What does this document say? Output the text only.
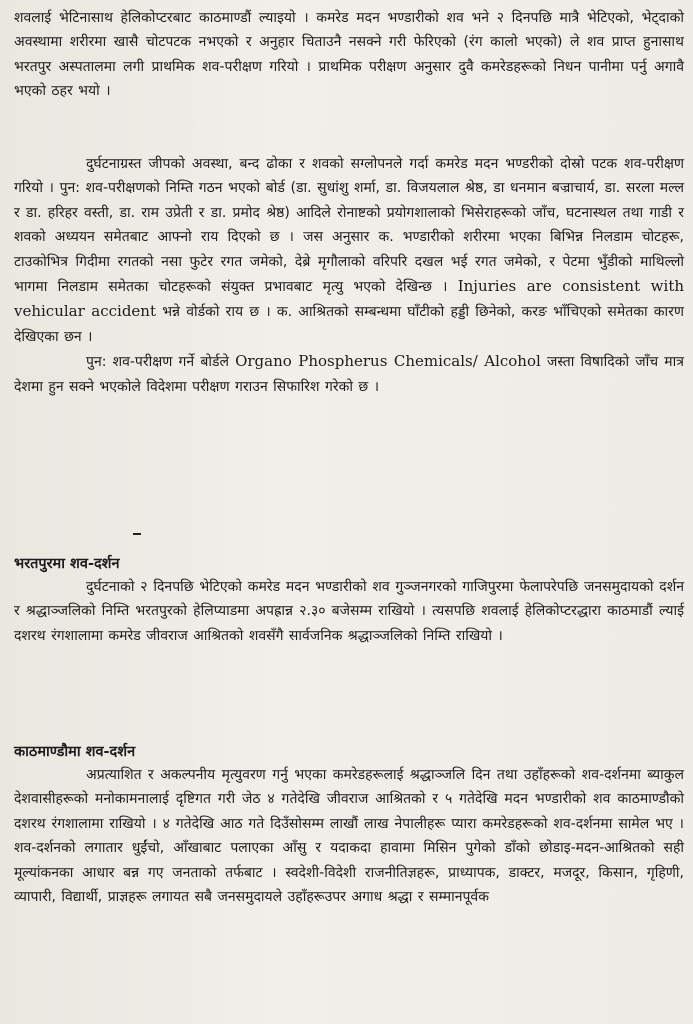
शवलाई भेटिनासाथ हेलिकोप्टरबाट काठमाण्डौं ल्याइयो । कमरेड मदन भण्डारीको शव भने २ दिनपछि मात्रै भेटिएको, भेट्दाको अवस्थामा शरीरमा खासै चोटपटक नभएको र अनुहार चिताउनै नसक्ने गरी फेरिएको (रंग कालो भएको) ले शव प्राप्त हुनासाथ भरतपुर अस्पतालमा लगी प्राथमिक शव-परीक्षण गरियो । प्राथमिक परीक्षण अनुसार दुवै कमरेडहरूको निधन पानीमा पर्नु अगावै भएको ठहर भयो ।

दुर्घटनाग्रस्त जीपको अवस्था, बन्द ढोका र शवको सग्लोपनले गर्दा कमरेड मदन भण्डरीको दोस्रो पटक शव-परीक्षण गरियो । पुन: शव-परीक्षणको निम्ति गठन भएको बोर्ड (डा. सुधांशु शर्मा, डा. विजयलाल श्रेष्ठ, डा धनमान बज्राचार्य, डा. सरला मल्ल र डा. हरिहर वस्ती, डा. राम उप्रेती र डा. प्रमोद श्रेष्ठ) आदिले रोनाष्टको प्रयोगशालाको भिसेराहरूको जाँच, घटनास्थल तथा गाडी र शवको अध्ययन समेतबाट आफ्नो राय दिएको छ । जस अनुसार क. भण्डारीको शरीरमा भएका बिभिन्न निलडाम चोटहरू, टाउकोभित्र गिदीमा रगतको नसा फुटेर रगत जमेको, देब्रे मृगौलाको वरिपरि दखल भई रगत जमेको, र पेटमा भुँडीको माथिल्लो भागमा निलडाम समेतका चोटहरूको संयुक्त प्रभावबाट मृत्यु भएको देखिन्छ । Injuries are consistent with vehicular accident भन्ने वोर्डको राय छ । क. आश्रितको सम्बन्धमा घाँटीको हड्डी छिनेको, करङ भाँचिएको समेतका कारण देखिएका छन ।

पुन: शव-परीक्षण गर्ने बोर्डले Organo Phospherus Chemicals/ Alcohol जस्ता विषादिको जाँच मात्र देशमा हुन सक्ने भएकोले विदेशमा परीक्षण गराउन सिफारिश गरेको छ ।

भरतपुरमा शव-दर्शन

दुर्घटनाको २ दिनपछि भेटिएको कमरेड मदन भण्डारीको शव गुञ्जनगरको गाजिपुरमा फेलापरेपछि जनसमुदायको दर्शन र श्रद्धाञ्जलिको निम्ति भरतपुरको हेलिप्याडमा अपह्रान्न २.३० बजेसम्म राखियो । त्यसपछि शवलाई हेलिकोप्टरद्धारा काठमाडौं ल्याई दशरथ रंगशालामा कमरेड जीवराज आश्रितको शवसँगै सार्वजनिक श्रद्धाञ्जलिको निम्ति राखियो ।

काठमाण्डौमा शव-दर्शन

अप्रत्याशित र अकल्पनीय मृत्युवरण गर्नु भएका कमरेडहरूलाई श्रद्धाञ्जलि दिन तथा उहाँहरूको शव-दर्शनमा ब्याकुल देशवासीहरूको मनोकामनालाई दृष्टिगत गरी जेठ ४ गतेदेखि जीवराज आश्रितको र ५ गतेदेखि मदन भण्डारीको शव काठमाण्डौको दशरथ रंगशालामा राखियो । ४ गतेदेखि आठ गते दिउँसोसम्म लाखौं लाख नेपालीहरू प्यारा कमरेडहरूको शव-दर्शनमा सामेल भए । शव-दर्शनको लगातार धुईंचो, आँखाबाट पलाएका आँसु र यदाकदा हावामा मिसिन पुगेको डाँको छोडाइ-मदन-आश्रितको सही मूल्यांकनका आधार बन्न गए जनताको तर्फबाट । स्वदेशी-विदेशी राजनीतिज्ञहरू, प्राध्यापक, डाक्टर, मजदूर, किसान, गृहिणी, व्यापारी, विद्यार्थी, प्राज्ञहरू लगायत सबै जनसमुदायले उहाँहरूउपर अगाध श्रद्धा र सम्मानपूर्वक
